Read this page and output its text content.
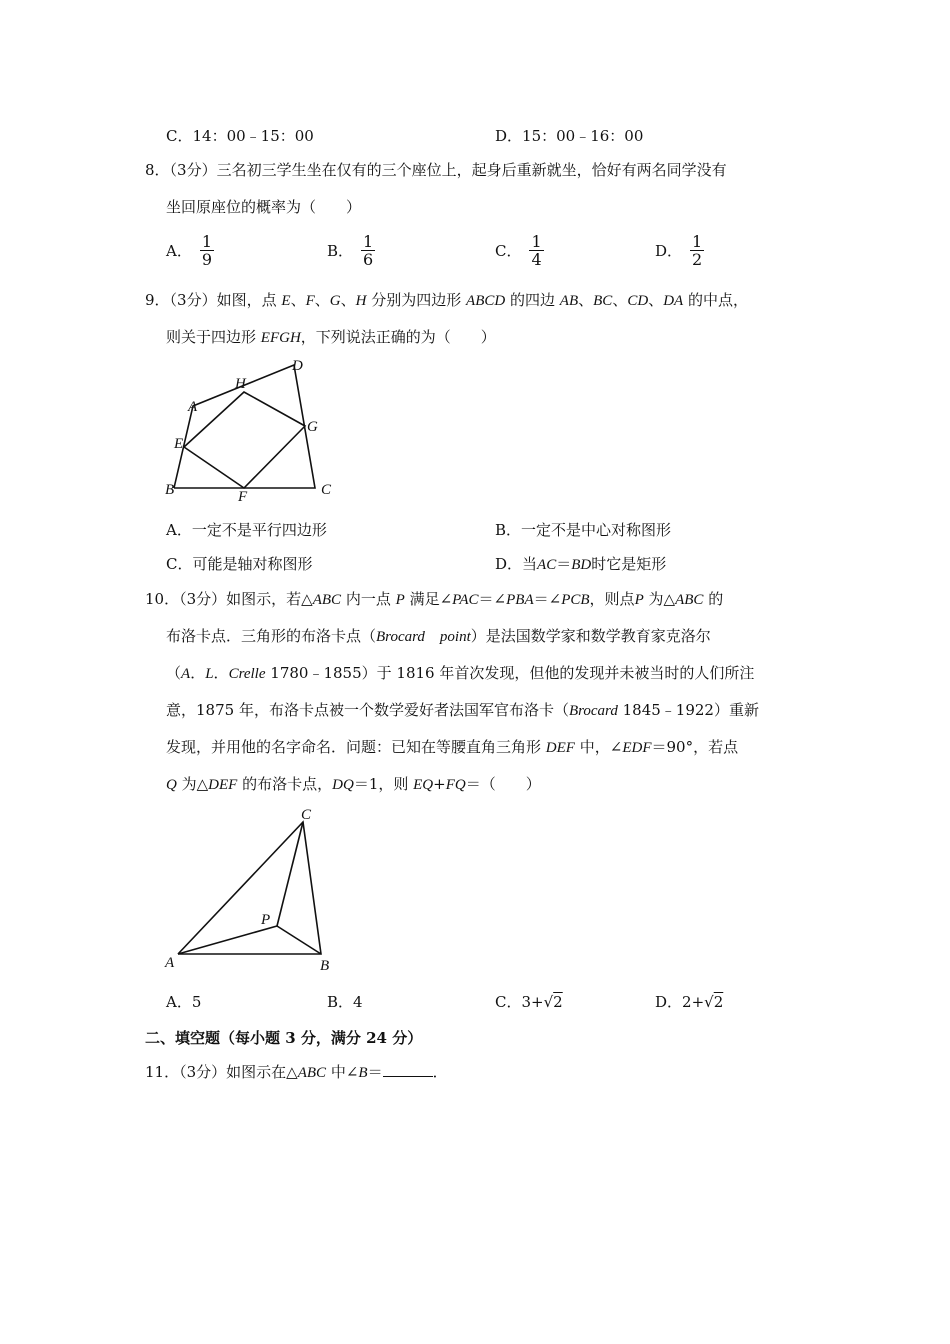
C．14：00﹣15：00	D．15：00﹣16：00
8．（3分）三名初三学生坐在仅有的三个座位上，起身后重新就坐，恰好有两名同学没有
坐回原座位的概率为（　　）
A． $\frac{1}{9}$	B． $\frac{1}{6}$	C． $\frac{1}{4}$	D． $\frac{1}{2}$
9．（3分）如图，点 E、F、G、H 分别为四边形 ABCD 的四边 AB、BC、CD、DA 的中点，
则关于四边形 EFGH，下列说法正确的为（　　）
A
B	C
D
E
F
G
H
A．一定不是平行四边形	B．一定不是中心对称图形
C．可能是轴对称图形	D．当AC＝BD时它是矩形
10．（3分）如图示，若△ABC 内一点 P 满足∠PAC＝∠PBA＝∠PCB，则点P 为△ABC 的
布洛卡点．三角形的布洛卡点（Brocard　point）是法国数学家和数学教育家克洛尔
（A．L．Crelle 1780﹣1855）于 1816 年首次发现，但他的发现并未被当时的人们所注
意，1875 年，布洛卡点被一个数学爱好者法国军官布洛卡（Brocard 1845﹣1922）重新
发现，并用他的名字命名．问题：已知在等腰直角三角形 DEF 中，∠EDF＝90°，若点
Q 为△DEF 的布洛卡点，DQ＝1，则 EQ+FQ＝（　　）
A	B
C
P
A．5	B．4	C．3+√2	D．2+√2
二、填空题（每小题 3 分，满分 24 分）
11．（3分）如图示在△ABC 中∠B＝	．
